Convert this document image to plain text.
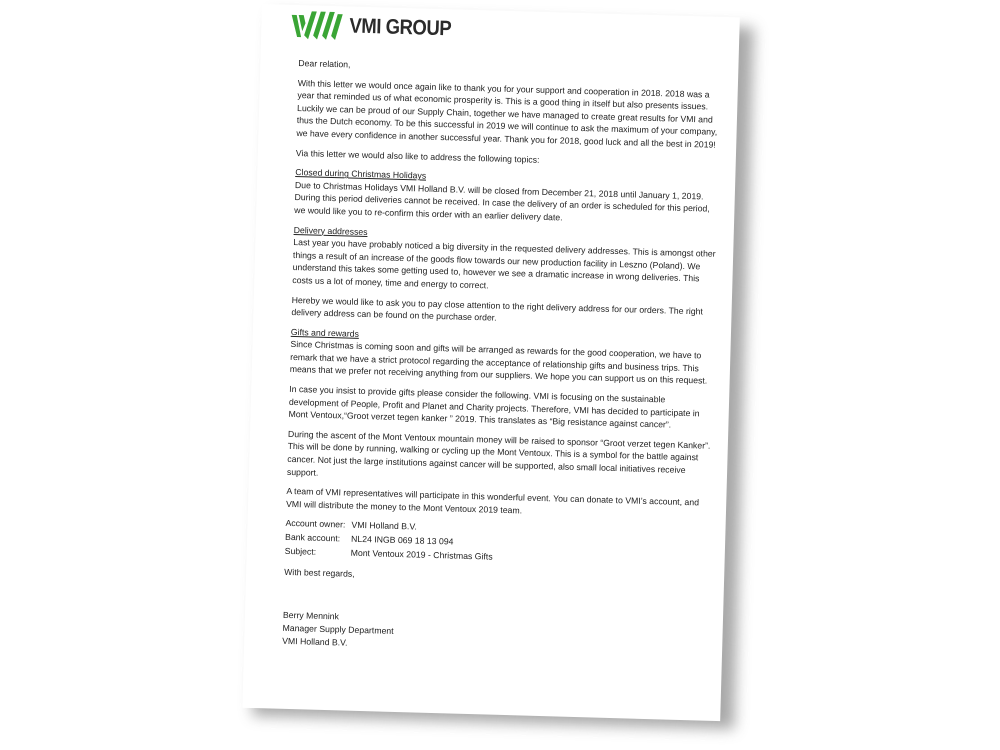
VMI GROUP

Dear relation,

With this letter we would once again like to thank you for your support and cooperation in 2018. 2018 was a year that reminded us of what economic prosperity is. This is a good thing in itself but also presents issues. Luckily we can be proud of our Supply Chain, together we have managed to create great results for VMI and thus the Dutch economy. To be this successful in 2019 we will continue to ask the maximum of your company, we have every confidence in another successful year. Thank you for 2018, good luck and all the best in 2019!

Via this letter we would also like to address the following topics:

Closed during Christmas Holidays

Due to Christmas Holidays VMI Holland B.V. will be closed from December 21, 2018 until January 1, 2019. During this period deliveries cannot be received. In case the delivery of an order is scheduled for this period, we would like you to re-confirm this order with an earlier delivery date.

Delivery addresses

Last year you have probably noticed a big diversity in the requested delivery addresses. This is amongst other things a result of an increase of the goods flow towards our new production facility in Leszno (Poland). We understand this takes some getting used to, however we see a dramatic increase in wrong deliveries. This costs us a lot of money, time and energy to correct.

Hereby we would like to ask you to pay close attention to the right delivery address for our orders. The right delivery address can be found on the purchase order.

Gifts and rewards

Since Christmas is coming soon and gifts will be arranged as rewards for the good cooperation, we have to remark that we have a strict protocol regarding the acceptance of relationship gifts and business trips. This means that we prefer not receiving anything from our suppliers. We hope you can support us on this request.

In case you insist to provide gifts please consider the following. VMI is focusing on the sustainable development of People, Profit and Planet and Charity projects. Therefore, VMI has decided to participate in Mont Ventoux,“Groot verzet tegen kanker ” 2019. This translates as “Big resistance against cancer”.

During the ascent of the Mont Ventoux mountain money will be raised to sponsor “Groot verzet tegen Kanker”. This will be done by running, walking or cycling up the Mont Ventoux. This is a symbol for the battle against cancer. Not just the large institutions against cancer will be supported, also small local initiatives receive support.

A team of VMI representatives will participate in this wonderful event. You can donate to VMI’s account, and VMI will distribute the money to the Mont Ventoux 2019 team.

Account owner: VMI Holland B.V.
Bank account:	NL24 INGB 069 18 13 094
Subject:	Mont Ventoux 2019 - Christmas Gifts

With best regards,

Berry Mennink
Manager Supply Department
VMI Holland B.V.
